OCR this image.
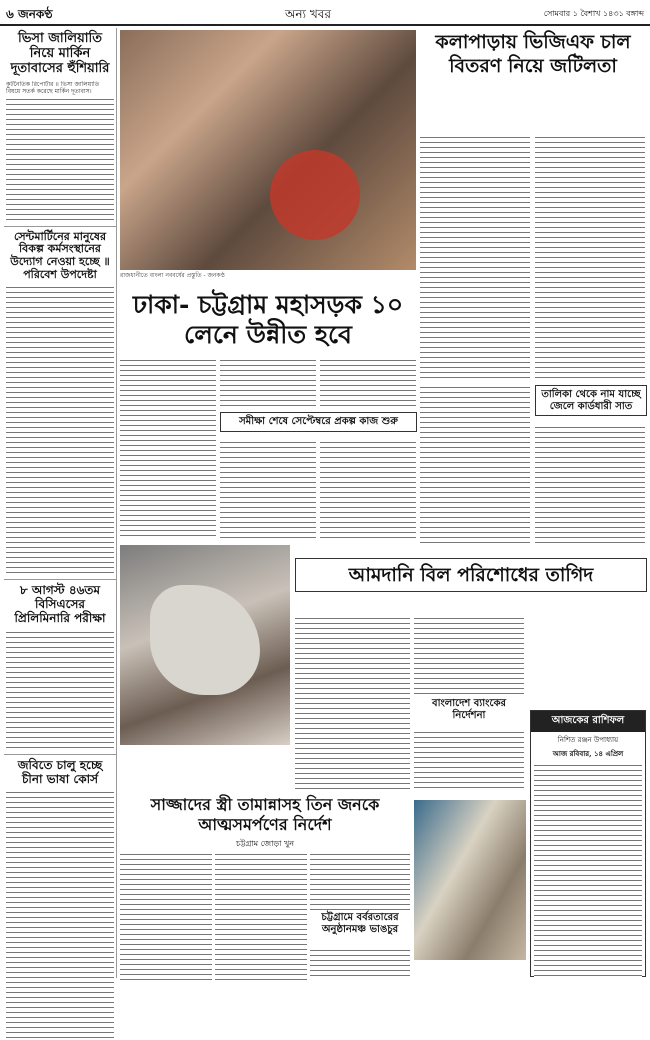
৬ জনকণ্ঠ	অন্য খবর	সোমবার ১ বৈশাখ ১৪৩১ বঙ্গাব্দ
ভিসা জালিয়াতি নিয়ে মার্কিন দূতাবাসের হুঁশিয়ারি
কূটনৈতিক রিপোর্টার ॥ ভিসা জালিয়াতি বিষয়ে সতর্ক করেছে মার্কিন দূতাবাস।
সেন্টমার্টিনের মানুষের বিকল্প কর্মসংস্থানের উদ্যোগ নেওয়া হচ্ছে ॥ পরিবেশ উপদেষ্টা
৮ আগস্ট ৪৬তম বিসিএসের প্রিলিমিনারি পরীক্ষা
জবিতে চালু হচ্ছে চীনা ভাষা কোর্স
রাজধানীতে বাংলা নববর্ষের প্রস্তুতি - জনকণ্ঠ
কলাপাড়ায় ভিজিএফ চাল বিতরণ নিয়ে জটিলতা
ঢাকা- চট্টগ্রাম মহাসড়ক ১০ লেনে উন্নীত হবে
সমীক্ষা শেষে সেপ্টেম্বরে প্রকল্প কাজ শুরু
তালিকা থেকে নাম যাচ্ছে জেলে কার্ডধারী সাত
আমদানি বিল পরিশোধের তাগিদ
বাংলাদেশ ব্যাংকের নির্দেশনা	আজকের রাশিফল
নিশিত রঞ্জন উপাধ্যায়
আজ রবিবার, ১৪ এপ্রিল
সাজ্জাদের স্ত্রী তামান্নাসহ তিন জনকে আত্মসমর্পণের নির্দেশ
চট্টগ্রাম জোড়া খুন
চট্টগ্রামে বর্বরতারের অনুষ্ঠানমঞ্চ ভাঙচুর
